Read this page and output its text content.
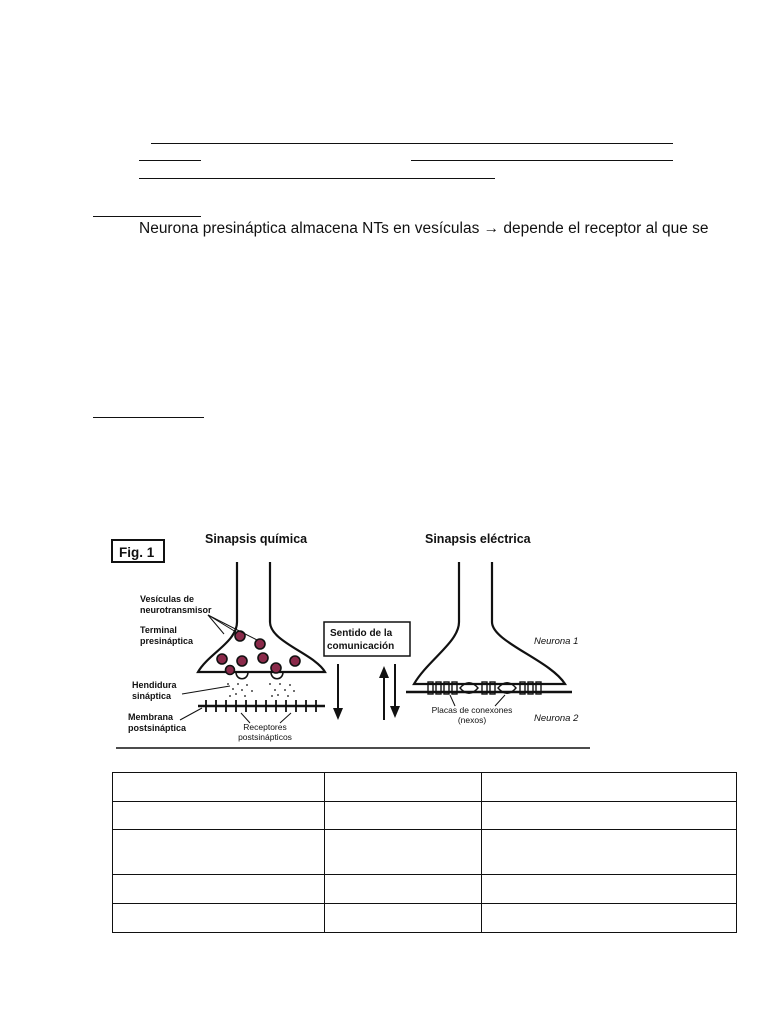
Neurona presináptica almacena NTs en vesículas → depende el receptor al que se
Fig. 1
Sinapsis química	Sinapsis eléctrica
Vesículas de
neurotransmisor
Terminal
presináptica
Hendidura
sináptica
Membrana
postsináptica	Receptores
postsinápticos
Sentido de la
comunicación	Neurona 1
Neurona 2
Placas de conexones
(nexos)
